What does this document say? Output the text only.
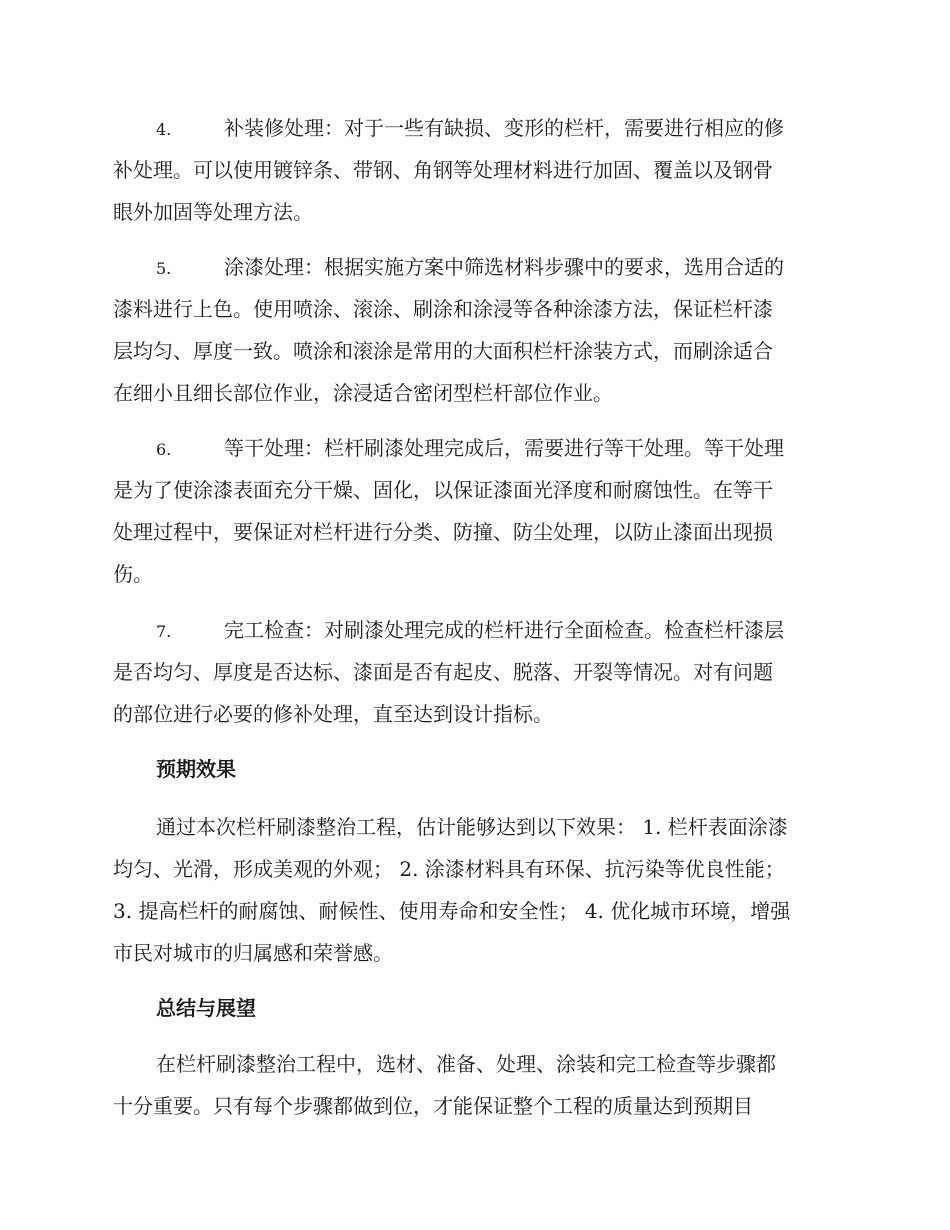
4.	补装修处理：对于一些有缺损、变形的栏杆，需要进行相应的修
补处理。可以使用镀锌条、带钢、角钢等处理材料进行加固、覆盖以及钢骨
眼外加固等处理方法。
5.	涂漆处理：根据实施方案中筛选材料步骤中的要求，选用合适的
漆料进行上色。使用喷涂、滚涂、刷涂和涂浸等各种涂漆方法，保证栏杆漆
层均匀、厚度一致。喷涂和滚涂是常用的大面积栏杆涂装方式，而刷涂适合
在细小且细长部位作业，涂浸适合密闭型栏杆部位作业。
6.	等干处理：栏杆刷漆处理完成后，需要进行等干处理。等干处理
是为了使涂漆表面充分干燥、固化，以保证漆面光泽度和耐腐蚀性。在等干
处理过程中，要保证对栏杆进行分类、防撞、防尘处理，以防止漆面出现损
伤。
7.	完工检查：对刷漆处理完成的栏杆进行全面检查。检查栏杆漆层
是否均匀、厚度是否达标、漆面是否有起皮、脱落、开裂等情况。对有问题
的部位进行必要的修补处理，直至达到设计指标。
预期效果
通过本次栏杆刷漆整治工程，估计能够达到以下效果： 1. 栏杆表面涂漆
均匀、光滑，形成美观的外观； 2. 涂漆材料具有环保、抗污染等优良性能；
3. 提高栏杆的耐腐蚀、耐候性、使用寿命和安全性； 4. 优化城市环境，增强
市民对城市的归属感和荣誉感。
总结与展望
在栏杆刷漆整治工程中，选材、准备、处理、涂装和完工检查等步骤都
十分重要。只有每个步骤都做到位，才能保证整个工程的质量达到预期目
